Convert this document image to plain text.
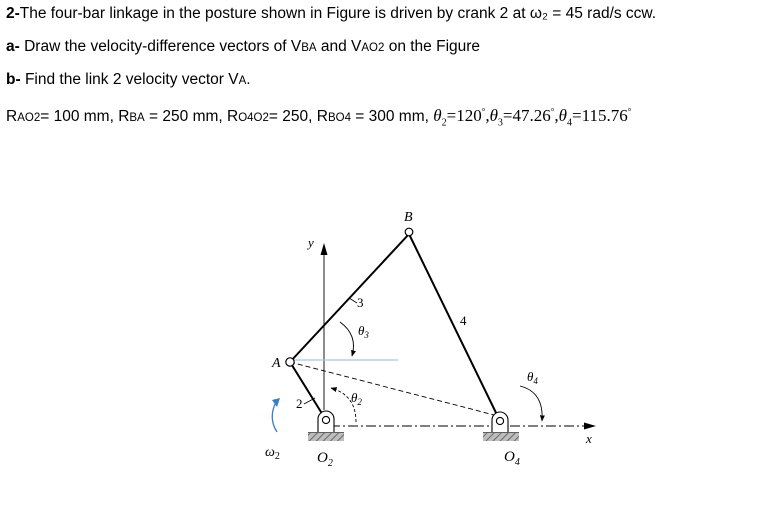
2-The four-bar linkage in the posture shown in Figure is driven by crank 2 at ω₂ = 45 rad/s ccw.
a- Draw the velocity-difference vectors of VBA and VAO2 on the Figure
b- Find the link 2 velocity vector VA.
RAO2= 100 mm, RBA = 250 mm, RO4O2= 250, RBO4 = 300 mm, $\theta_2=120^\circ,\theta_3=47.26^\circ,\theta_4=115.76^\circ$
y
x
A
B
$O_2$	$O_4$
2
3
4
$\theta_3$
$\theta_2$
$\theta_4$
$\omega_2$
